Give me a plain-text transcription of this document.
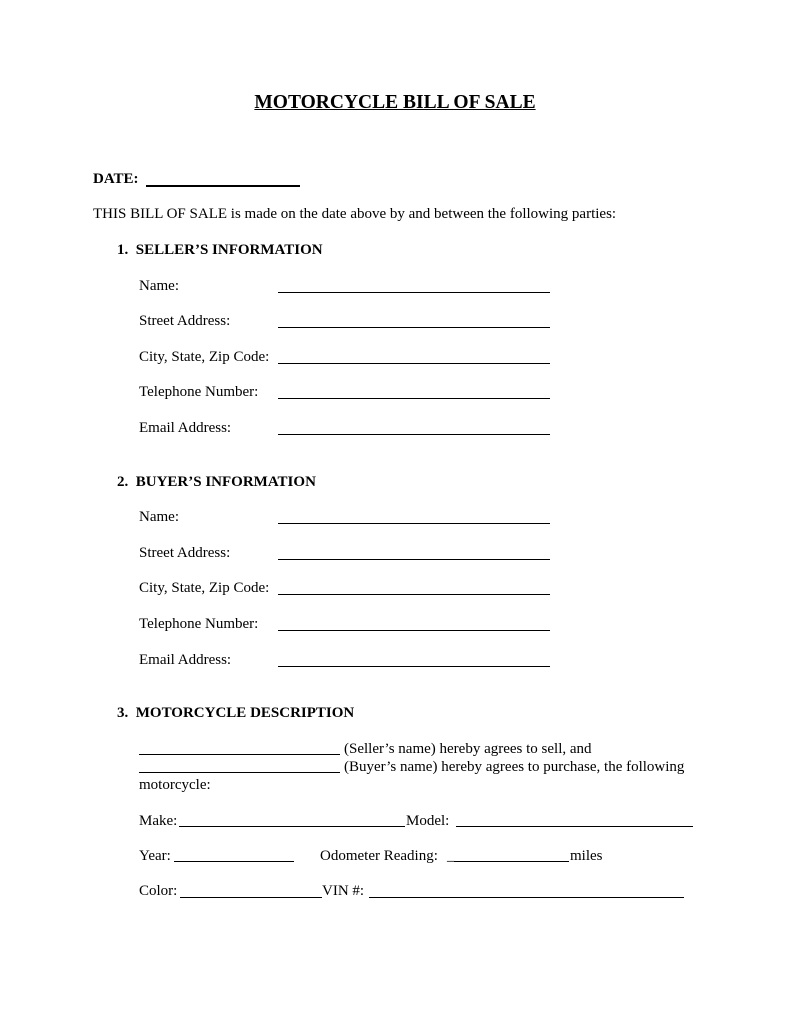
MOTORCYCLE BILL OF SALE
DATE:
THIS BILL OF SALE is made on the date above by and between the following parties:
1.  SELLER’S INFORMATION
Name:
Street Address:
City, State, Zip Code:
Telephone Number:
Email Address:
2.  BUYER’S INFORMATION
Name:
Street Address:
City, State, Zip Code:
Telephone Number:
Email Address:
3.  MOTORCYCLE DESCRIPTION
(Seller’s name) hereby agrees to sell, and
(Buyer’s name) hereby agrees to purchase, the following
motorcycle:
Make:	Model:
Year:	Odometer Reading: _	miles
Color:	VIN #:
